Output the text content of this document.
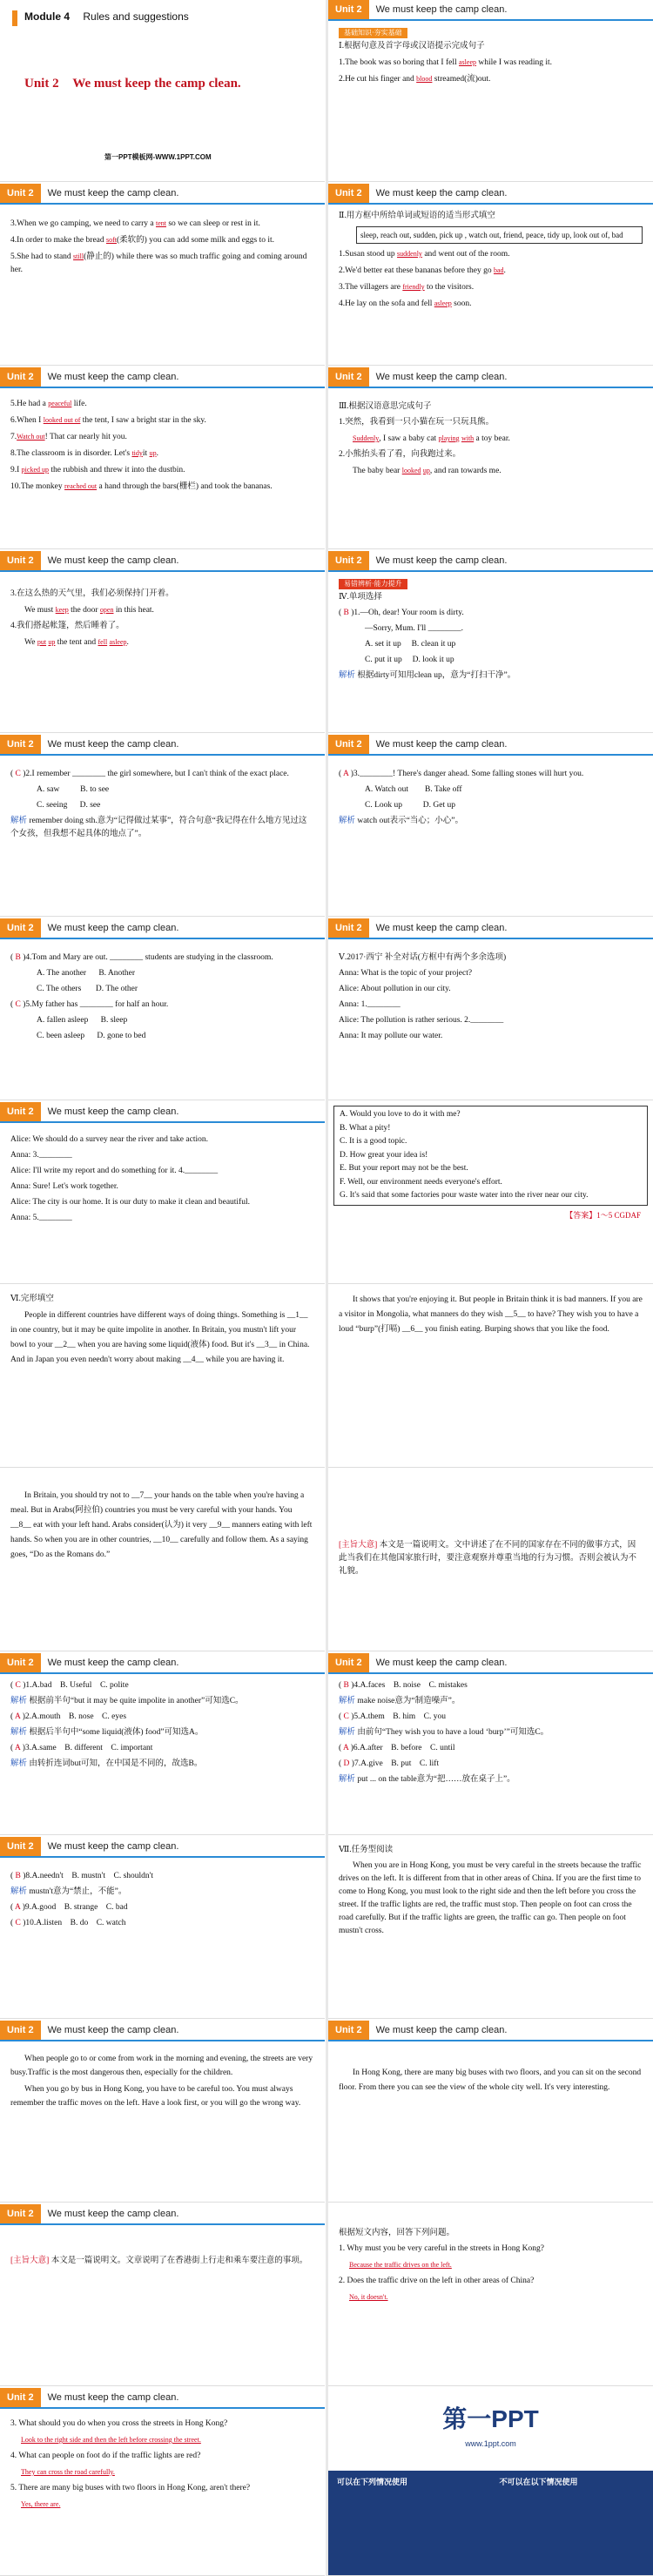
Module 4 Rules and suggestions
Unit 2 We must keep the camp clean.
第一PPT模板网-WWW.1PPT.COM
Unit 2	We must keep the camp clean.
基础知识·夯实基础

Ⅰ.根据句意及首字母或汉语提示完成句子

1.The book was so boring that I fell asleep while I was reading it.

2.He cut his finger and blood streamed(流)out.

Unit 2	We must keep the camp clean.

3.When we go camping, we need to carry a tent so we can sleep or rest in it.

4.In order to make the bread soft(柔软的) you can add some milk and eggs to it.

5.She had to stand still(静止的) while there was so much traffic going and coming around her.

Unit 2	We must keep the camp clean.

Ⅱ.用方框中所给单词或短语的适当形式填空

sleep, reach out, sudden, pick up , watch out, friend, peace, tidy up, look out of, bad

1.Susan stood up suddenly and went out of the room.

2.We'd better eat these bananas before they go bad.

3.The villagers are friendly to the visitors.

4.He lay on the sofa and fell asleep soon.

Unit 2	We must keep the camp clean.

5.He had a peaceful life.

6.When I looked out of the tent, I saw a bright star in the sky.

7.Watch out! That car nearly hit you.

8.The classroom is in disorder. Let's tidyit up.

9.I picked up the rubbish and threw it into the dustbin.

10.The monkey reached out a hand through the bars(栅栏) and took the bananas.

Unit 2	We must keep the camp clean.

Ⅲ.根据汉语意思完成句子

1.突然，我看到一只小猫在玩一只玩具熊。

Suddenly, I saw a baby cat playing with a toy bear.

2.小熊抬头看了看，向我跑过来。

The baby bear looked up, and ran towards me.

Unit 2	We must keep the camp clean.

3.在这么热的天气里，我们必须保持门开着。

We must keep the door open in this heat.

4.我们搭起帐篷，然后睡着了。

We put up the tent and fell asleep.

Unit 2	We must keep the camp clean.
易错辨析·能力提升

Ⅳ.单项选择

( B )1.—Oh, dear! Your room is dirty.

—Sorry, Mum. I'll ________.

A. set it up B. clean it up

C. put it up D. look it up

解析 根据dirty可知用clean up，意为“打扫干净”。

Unit 2	We must keep the camp clean.

( C )2.I remember ________ the girl somewhere, but I can't think of the exact place.

A. saw	B. to see

C. seeing D. see

解析 remember doing sth.意为“记得做过某事”，符合句意“我记得在什么地方见过这个女孩，但我想不起具体的地点了”。

Unit 2	We must keep the camp clean.

( A )3.________! There's danger ahead. Some falling stones will hurt you.

A. Watch out B. Take off

C. Look up	D. Get up

解析 watch out表示“当心；小心”。

Unit 2	We must keep the camp clean.

( B )4.Tom and Mary are out. ________ students are studying in the classroom.

A. The another B. Another

C. The others D. The other

( C )5.My father has ________ for half an hour.

A. fallen asleep B. sleep

C. been asleep D. gone to bed

Unit 2	We must keep the camp clean.

Ⅴ.2017·西宁 补全对话(方框中有两个多余选项)

Anna: What is the topic of your project?

Alice: About pollution in our city.

Anna: 1.________

Alice: The pollution is rather serious. 2.________

Anna: It may pollute our water.

Unit 2	We must keep the camp clean.

Alice: We should do a survey near the river and take action.

Anna: 3.________

Alice: I'll write my report and do something for it. 4.________

Anna: Sure! Let's work together.

Alice: The city is our home. It is our duty to make it clean and beautiful.

Anna: 5.________

A. Would you love to do it with me?

B. What a pity!

C. It is a good topic.

D. How great your idea is!

E. But your report may not be the best.

F. Well, our environment needs everyone's effort.

G. It's said that some factories pour waste water into the river near our city.

【答案】1～5 CGDAF

Ⅵ.完形填空

People in different countries have different ways of doing things. Something is __1__ in one country, but it may be quite impolite in another. In Britain, you mustn't lift your bowl to your __2__ when you are having some liquid(液体) food. But it's __3__ in China. And in Japan you even needn't worry about making __4__ while you are having it.

It shows that you're enjoying it. But people in Britain think it is bad manners. If you are a visitor in Mongolia, what manners do they wish __5__ to have? They wish you to have a loud “burp”(打嗝) __6__ you finish eating. Burping shows that you like the food.

In Britain, you should try not to __7__ your hands on the table when you're having a meal. But in Arabs(阿拉伯) countries you must be very careful with your hands. You __8__ eat with your left hand. Arabs consider(认为) it very __9__ manners eating with left hands. So when you are in other countries, __10__ carefully and follow them. As a saying goes, “Do as the Romans do.”

[主旨大意] 本文是一篇说明文。文中讲述了在不同的国家存在不同的做事方式，因此当我们在其他国家旅行时，要注意观察并尊重当地的行为习惯。否则会被认为不礼貌。

Unit 2	We must keep the camp clean.

( C )1.A.bad B. Useful C. polite

解析 根据前半句“but it may be quite impolite in another”可知选C。

( A )2.A.mouth B. nose C. eyes

解析 根据后半句中“some liquid(液体) food”可知选A。

( A )3.A.same B. different C. important

解析 由转折连词but可知，在中国是不同的，故选B。

Unit 2	We must keep the camp clean.

( B )4.A.faces B. noise C. mistakes

解析 make noise意为“制造噪声”。

( C )5.A.them B. him C. you

解析 由前句“They wish you to have a loud ‘burp’”可知选C。

( A )6.A.after B. before C. until

( D )7.A.give B. put C. lift

解析 put ... on the table意为“把……放在桌子上”。

Unit 2	We must keep the camp clean.

( B )8.A.needn't B. mustn't C. shouldn't

解析 mustn't意为“禁止，不能”。

( A )9.A.good B. strange C. bad

( C )10.A.listen B. do C. watch

Ⅶ.任务型阅读

When you are in Hong Kong, you must be very careful in the streets because the traffic drives on the left. It is different from that in other areas of China. If you are the first time to come to Hong Kong, you must look to the right side and then the left before you cross the street. If the traffic lights are red, the traffic must stop. Then people on foot can cross the road carefully. But if the traffic lights are green, the traffic can go. Then people on foot mustn't cross.

Unit 2	We must keep the camp clean.

When people go to or come from work in the morning and evening, the streets are very busy.Traffic is the most dangerous then, especially for the children.

When you go by bus in Hong Kong, you have to be careful too. You must always remember the traffic moves on the left. Have a look first, or you will go the wrong way.

Unit 2	We must keep the camp clean.

In Hong Kong, there are many big buses with two floors, and you can sit on the second floor. From there you can see the view of the whole city well. It's very interesting.

Unit 2	We must keep the camp clean.

[主旨大意] 本文是一篇说明文。文章说明了在香港街上行走和乘车要注意的事项。

根据短文内容，回答下列问题。

1. Why must you be very careful in the streets in Hong Kong?

Because the traffic drives on the left.

2. Does the traffic drive on the left in other areas of China?

No, it doesn't.

Unit 2	We must keep the camp clean.

3. What should you do when you cross the streets in Hong Kong?

Look to the right side and then the left before crossing the street.

4. What can people on foot do if the traffic lights are red?

They can cross the road carefully.

5. There are many big buses with two floors in Hong Kong, aren't there?

Yes, there are.

第一PPT
www.1ppt.com
可以在下列情况使用	不可以在以下情况使用
